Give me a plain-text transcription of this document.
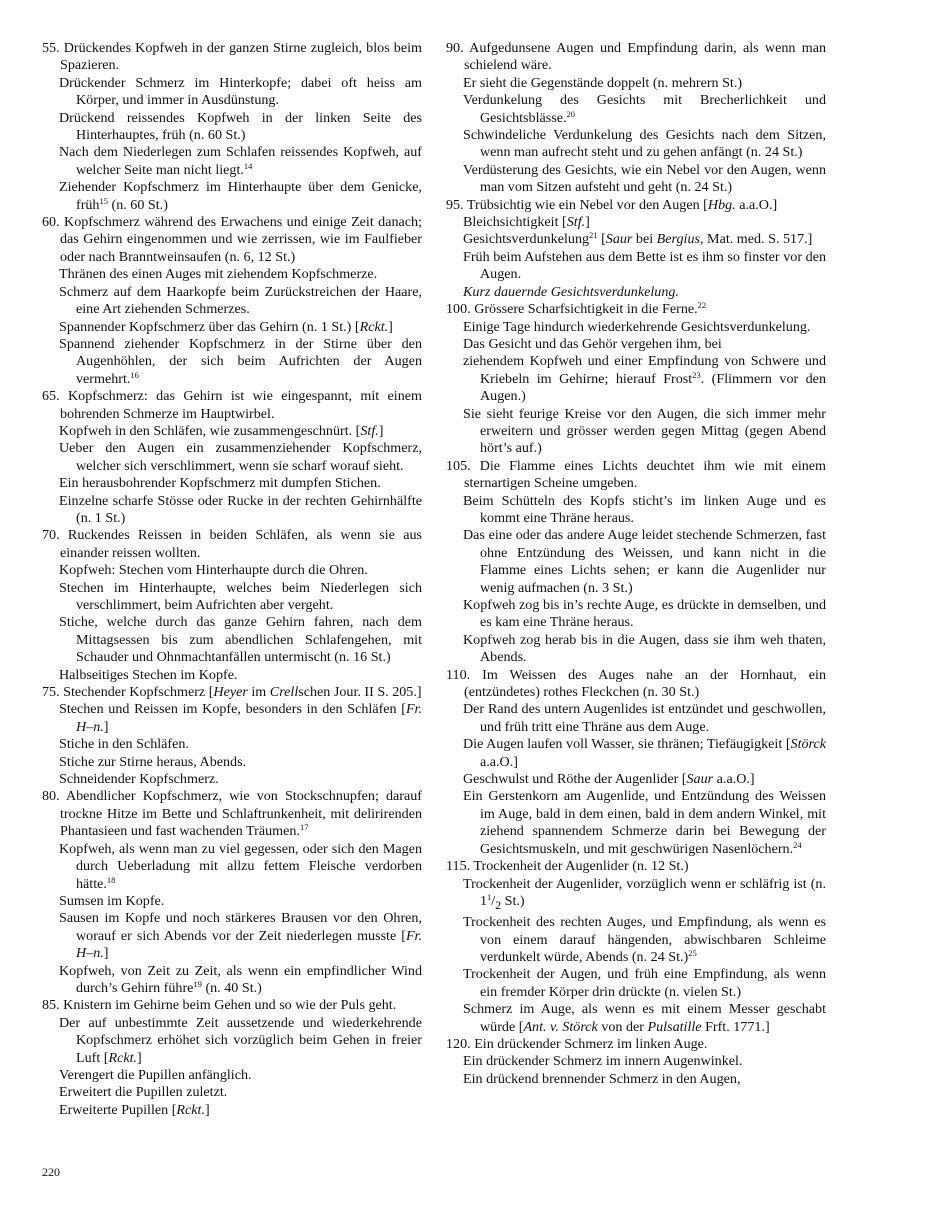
55. Drückendes Kopfweh in der ganzen Stirne zugleich, blos beim Spazieren.

Drückender Schmerz im Hinterkopfe; dabei oft heiss am Körper, und immer in Ausdünstung.

Drückend reissendes Kopfweh in der linken Seite des Hinterhauptes, früh (n. 60 St.)

Nach dem Niederlegen zum Schlafen reissendes Kopfweh, auf welcher Seite man nicht liegt.$^{14}$

Ziehender Kopfschmerz im Hinterhaupte über dem Genicke, früh$^{15}$ (n. 60 St.)

60. Kopfschmerz während des Erwachens und einige Zeit danach; das Gehirn eingenommen und wie zerrissen, wie im Faulfieber oder nach Branntweinsaufen (n. 6, 12 St.)

Thränen des einen Auges mit ziehendem Kopfschmerze.

Schmerz auf dem Haarkopfe beim Zurückstreichen der Haare, eine Art ziehenden Schmerzes.

Spannender Kopfschmerz über das Gehirn (n. 1 St.) [Rckt.]

Spannend ziehender Kopfschmerz in der Stirne über den Augenhöhlen, der sich beim Aufrichten der Augen vermehrt.$^{16}$

65. Kopfschmerz: das Gehirn ist wie eingespannt, mit einem bohrenden Schmerze im Hauptwirbel.

Kopfweh in den Schläfen, wie zusammengeschnürt. [Stf.]

Ueber den Augen ein zusammenziehender Kopfschmerz, welcher sich verschlimmert, wenn sie scharf worauf sieht.

Ein herausbohrender Kopfschmerz mit dumpfen Stichen.

Einzelne scharfe Stösse oder Rucke in der rechten Gehirnhälfte (n. 1 St.)

70. Ruckendes Reissen in beiden Schläfen, als wenn sie aus einander reissen wollten.

Kopfweh: Stechen vom Hinterhaupte durch die Ohren.

Stechen im Hinterhaupte, welches beim Niederlegen sich verschlimmert, beim Aufrichten aber vergeht.

Stiche, welche durch das ganze Gehirn fahren, nach dem Mittagsessen bis zum abendlichen Schlafengehen, mit Schauder und Ohnmachtanfällen untermischt (n. 16 St.)

Halbseitiges Stechen im Kopfe.

75. Stechender Kopfschmerz [Heyer im Crellschen Jour. II S. 205.]

Stechen und Reissen im Kopfe, besonders in den Schläfen [Fr. H–n.]

Stiche in den Schläfen.

Stiche zur Stirne heraus, Abends.

Schneidender Kopfschmerz.

80. Abendlicher Kopfschmerz, wie von Stockschnupfen; darauf trockne Hitze im Bette und Schlaftrunkenheit, mit delirirenden Phantasieen und fast wachenden Träumen.$^{17}$

Kopfweh, als wenn man zu viel gegessen, oder sich den Magen durch Ueberladung mit allzu fettem Fleische verdorben hätte.$^{18}$

Sumsen im Kopfe.

Sausen im Kopfe und noch stärkeres Brausen vor den Ohren, worauf er sich Abends vor der Zeit niederlegen musste [Fr. H–n.]

Kopfweh, von Zeit zu Zeit, als wenn ein empfindlicher Wind durch’s Gehirn führe$^{19}$ (n. 40 St.)

85. Knistern im Gehirne beim Gehen und so wie der Puls geht.

Der auf unbestimmte Zeit aussetzende und wiederkehrende Kopfschmerz erhöhet sich vorzüglich beim Gehen in freier Luft [Rckt.]

Verengert die Pupillen anfänglich.

Erweitert die Pupillen zuletzt.

Erweiterte Pupillen [Rckt.]

90. Aufgedunsene Augen und Empfindung darin, als wenn man schielend wäre.

Er sieht die Gegenstände doppelt (n. mehrern St.)

Verdunkelung des Gesichts mit Brecherlichkeit und Gesichtsblässe.$^{20}$

Schwindeliche Verdunkelung des Gesichts nach dem Sitzen, wenn man aufrecht steht und zu gehen anfängt (n. 24 St.)

Verdüsterung des Gesichts, wie ein Nebel vor den Augen, wenn man vom Sitzen aufsteht und geht (n. 24 St.)

95. Trübsichtig wie ein Nebel vor den Augen [Hbg. a.a.O.]

Bleichsichtigkeit [Stf.]

Gesichtsverdunkelung$^{21}$ [Saur bei Bergius, Mat. med. S. 517.]

Früh beim Aufstehen aus dem Bette ist es ihm so finster vor den Augen.

Kurz dauernde Gesichtsverdunkelung.

100. Grössere Scharfsichtigkeit in die Ferne.$^{22}$

Einige Tage hindurch wiederkehrende Gesichtsverdunkelung.

Das Gesicht und das Gehör vergehen ihm, bei

ziehendem Kopfweh und einer Empfindung von Schwere und Kriebeln im Gehirne; hierauf Frost$^{23}$. (Flimmern vor den Augen.)

Sie sieht feurige Kreise vor den Augen, die sich immer mehr erweitern und grösser werden gegen Mittag (gegen Abend hört’s auf.)

105. Die Flamme eines Lichts deuchtet ihm wie mit einem sternartigen Scheine umgeben.

Beim Schütteln des Kopfs sticht’s im linken Auge und es kommt eine Thräne heraus.

Das eine oder das andere Auge leidet stechende Schmerzen, fast ohne Entzündung des Weissen, und kann nicht in die Flamme eines Lichts sehen; er kann die Augenlider nur wenig aufmachen (n. 3 St.)

Kopfweh zog bis in’s rechte Auge, es drückte in demselben, und es kam eine Thräne heraus.

Kopfweh zog herab bis in die Augen, dass sie ihm weh thaten, Abends.

110. Im Weissen des Auges nahe an der Hornhaut, ein (entzündetes) rothes Fleckchen (n. 30 St.)

Der Rand des untern Augenlides ist entzündet und geschwollen, und früh tritt eine Thräne aus dem Auge.

Die Augen laufen voll Wasser, sie thränen; Tiefäugigkeit [Störck a.a.O.]

Geschwulst und Röthe der Augenlider [Saur a.a.O.]

Ein Gerstenkorn am Augenlide, und Entzündung des Weissen im Auge, bald in dem einen, bald in dem andern Winkel, mit ziehend spannendem Schmerze darin bei Bewegung der Gesichtsmuskeln, und mit geschwürigen Nasenlöchern.$^{24}$

115. Trockenheit der Augenlider (n. 12 St.)

Trockenheit der Augenlider, vorzüglich wenn er schläfrig ist (n. $1^1/_2$ St.)

Trockenheit des rechten Auges, und Empfindung, als wenn es von einem darauf hängenden, abwischbaren Schleime verdunkelt würde, Abends (n. 24 St.)$^{25}$

Trockenheit der Augen, und früh eine Empfindung, als wenn ein fremder Körper drin drückte (n. vielen St.)

Schmerz im Auge, als wenn es mit einem Messer geschabt würde [Ant. v. Störck von der Pulsatille Frft. 1771.]

120. Ein drückender Schmerz im linken Auge.

Ein drückender Schmerz im innern Augenwinkel.

Ein drückend brennender Schmerz in den Augen,

220
